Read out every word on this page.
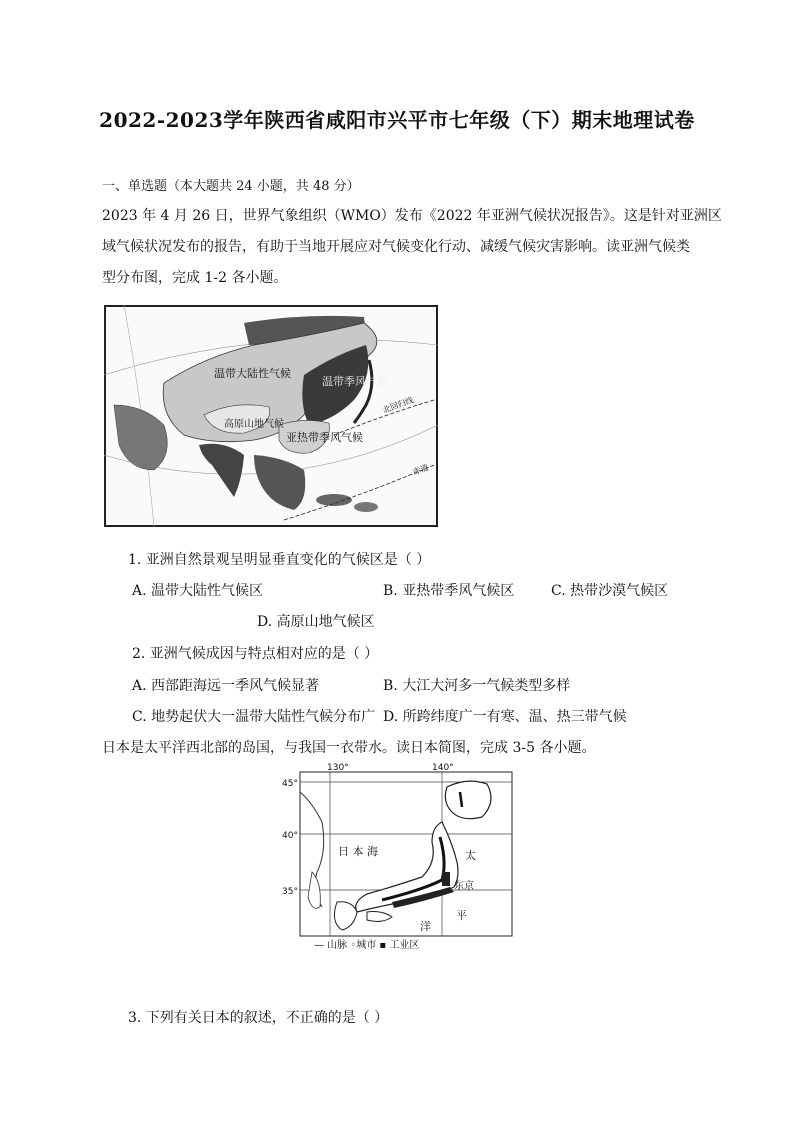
2022-2023学年陕西省咸阳市兴平市七年级（下）期末地理试卷
一、单选题（本大题共 24 小题，共 48 分）
2023 年 4 月 26 日，世界气象组织（WMO）发布《2022 年亚洲气候状况报告》。这是针对亚洲区
域气候状况发布的报告，有助于当地开展应对气候变化行动、减缓气候灾害影响。读亚洲气候类
型分布图，完成 1-2 各小题。
温带大陆性气候
温带季风气候
高原山地气候
亚热带季风气候
北回归线
赤道
1. 亚洲自然景观呈明显垂直变化的气候区是（ ）
A. 温带大陆性气候区	B. 亚热带季风气候区	C. 热带沙漠气候区
D. 高原山地气候区
2. 亚洲气候成因与特点相对应的是（ ）
A. 西部距海远一季风气候显著	B. 大江大河多一气候类型多样
C. 地势起伏大一温带大陆性气候分布广 D. 所跨纬度广一有寒、温、热三带气候
日本是太平洋西北部的岛国，与我国一衣带水。读日本简图，完成 3-5 各小题。
130°	140°
45°
40°
35°
日 本 海	太
东京
平
洋
— 山脉 ◦城市 ▪ 工业区
3. 下列有关日本的叙述，不正确的是（ ）
